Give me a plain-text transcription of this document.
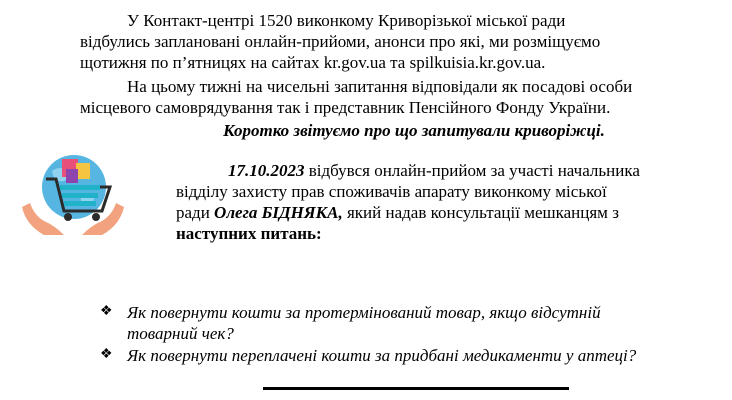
У Контакт-центрі 1520 виконкому Криворізької міської ради
відбулись заплановані онлайн-прийоми, анонси про які, ми розміщуємо
щотижня по п’ятницях на сайтах kr.gov.ua та spilkuisia.kr.gov.ua.
На цьому тижні на чисельні запитання відповідали як посадові особи
місцевого самоврядування так і представник Пенсійного Фонду України.
Коротко звітуємо про що запитували криворіжці.
17.10.2023 відбувся онлайн-прийом за участі начальника
відділу захисту прав споживачів апарату виконкому міської
ради Олега БІДНЯКА, який надав консультації мешканцям з
наступних питань:
❖ Як повернути кошти за протермінований товар, якщо відсутній
товарний чек?
❖ Як повернути переплачені кошти за придбані медикаменти у аптеці?
